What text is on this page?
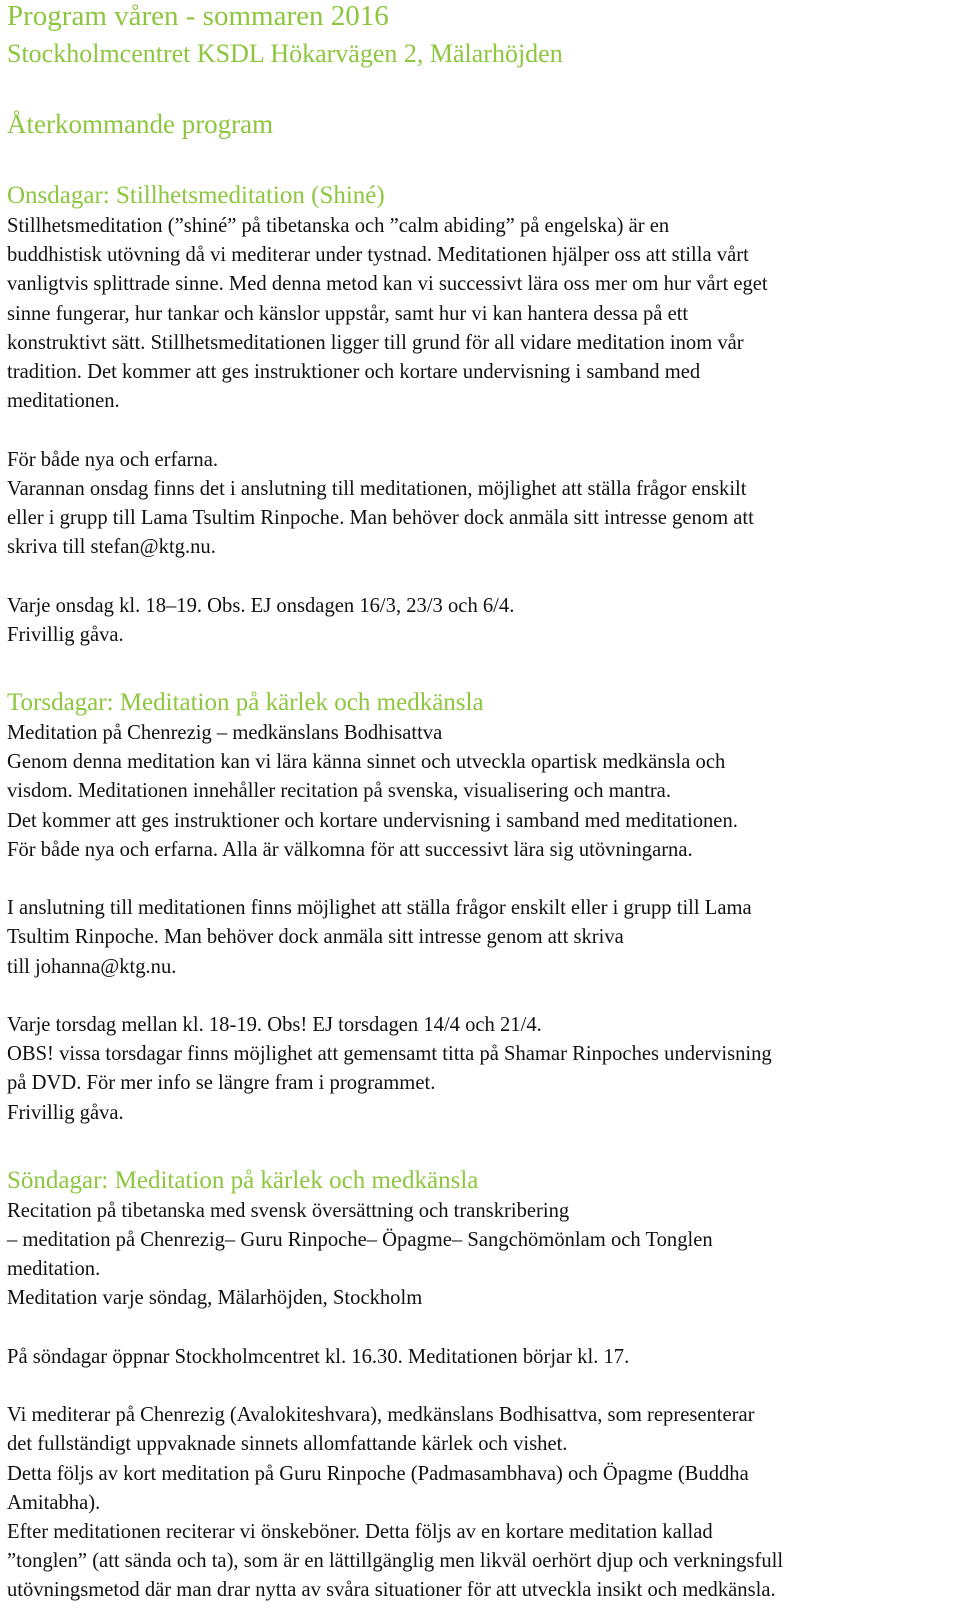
Program våren - sommaren 2016
Stockholmcentret KSDL Hökarvägen 2, Mälarhöjden
Återkommande program
Onsdagar: Stillhetsmeditation (Shiné)
Stillhetsmeditation (”shiné” på tibetanska och ”calm abiding” på engelska) är en
buddhistisk utövning då vi mediterar under tystnad. Meditationen hjälper oss att stilla vårt
vanligtvis splittrade sinne. Med denna metod kan vi successivt lära oss mer om hur vårt eget
sinne fungerar, hur tankar och känslor uppstår, samt hur vi kan hantera dessa på ett
konstruktivt sätt. Stillhetsmeditationen ligger till grund för all vidare meditation inom vår
tradition. Det kommer att ges instruktioner och kortare undervisning i samband med
meditationen.
För både nya och erfarna.
Varannan onsdag finns det i anslutning till meditationen, möjlighet att ställa frågor enskilt
eller i grupp till Lama Tsultim Rinpoche. Man behöver dock anmäla sitt intresse genom att
skriva till stefan@ktg.nu.
Varje onsdag kl. 18–19. Obs. EJ onsdagen 16/3, 23/3 och 6/4.
Frivillig gåva.
Torsdagar: Meditation på kärlek och medkänsla
Meditation på Chenrezig – medkänslans Bodhisattva
Genom denna meditation kan vi lära känna sinnet och utveckla opartisk medkänsla och
visdom. Meditationen innehåller recitation på svenska, visualisering och mantra.
Det kommer att ges instruktioner och kortare undervisning i samband med meditationen.
För både nya och erfarna. Alla är välkomna för att successivt lära sig utövningarna.
I anslutning till meditationen finns möjlighet att ställa frågor enskilt eller i grupp till Lama
Tsultim Rinpoche. Man behöver dock anmäla sitt intresse genom att skriva
till johanna@ktg.nu.
Varje torsdag mellan kl. 18-19. Obs! EJ torsdagen 14/4 och 21/4.
OBS! vissa torsdagar finns möjlighet att gemensamt titta på Shamar Rinpoches undervisning
på DVD. För mer info se längre fram i programmet.
Frivillig gåva.
Söndagar: Meditation på kärlek och medkänsla
Recitation på tibetanska med svensk översättning och transkribering
– meditation på Chenrezig– Guru Rinpoche– Öpagme– Sangchömönlam och Tonglen
meditation.
Meditation varje söndag, Mälarhöjden, Stockholm
På söndagar öppnar Stockholmcentret kl. 16.30. Meditationen börjar kl. 17.
Vi mediterar på Chenrezig (Avalokiteshvara), medkänslans Bodhisattva, som representerar
det fullständigt uppvaknade sinnets allomfattande kärlek och vishet.
Detta följs av kort meditation på Guru Rinpoche (Padmasambhava) och Öpagme (Buddha
Amitabha).
Efter meditationen reciterar vi önskeböner. Detta följs av en kortare meditation kallad
”tonglen” (att sända och ta), som är en lättillgänglig men likväl oerhört djup och verkningsfull
utövningsmetod där man drar nytta av svåra situationer för att utveckla insikt och medkänsla.
